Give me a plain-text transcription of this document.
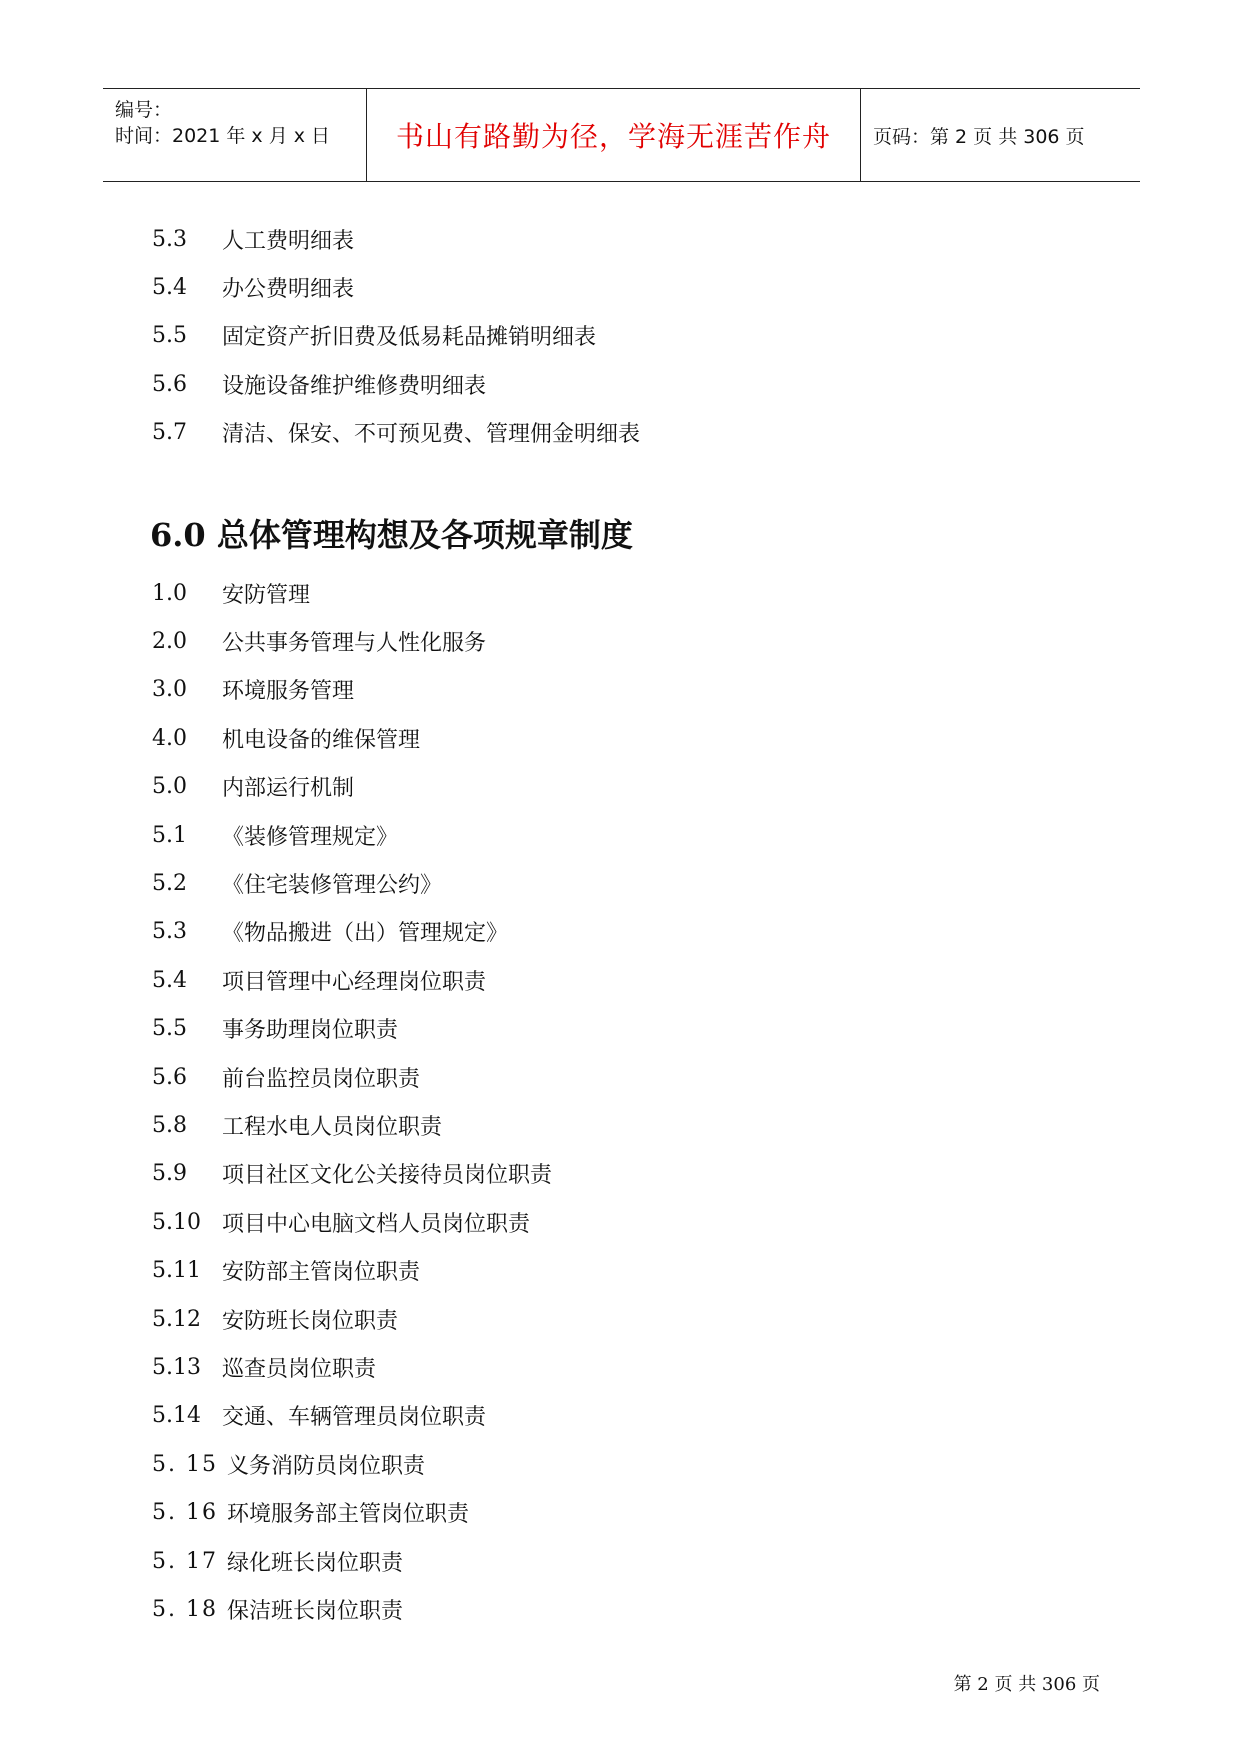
编号：
时间：2021 年 x 月 x 日 书山有路勤为径，学海无涯苦作舟 页码：第 2 页 共 306 页
5.3	人工费明细表
5.4	办公费明细表
5.5	固定资产折旧费及低易耗品摊销明细表
5.6	设施设备维护维修费明细表
5.7	清洁、保安、不可预见费、管理佣金明细表
6.0 总体管理构想及各项规章制度
1.0	安防管理
2.0	公共事务管理与人性化服务
3.0	环境服务管理
4.0	机电设备的维保管理
5.0	内部运行机制
5.1	《装修管理规定》
5.2	《住宅装修管理公约》
5.3	《物品搬进（出）管理规定》
5.4	项目管理中心经理岗位职责
5.5	事务助理岗位职责
5.6	前台监控员岗位职责
5.8	工程水电人员岗位职责
5.9	项目社区文化公关接待员岗位职责
5.10 项目中心电脑文档人员岗位职责
5.11 安防部主管岗位职责
5.12 安防班长岗位职责
5.13 巡查员岗位职责
5.14 交通、车辆管理员岗位职责
5. 15 义务消防员岗位职责
5. 16 环境服务部主管岗位职责
5. 17 绿化班长岗位职责
5. 18 保洁班长岗位职责
第 2 页 共 306 页
